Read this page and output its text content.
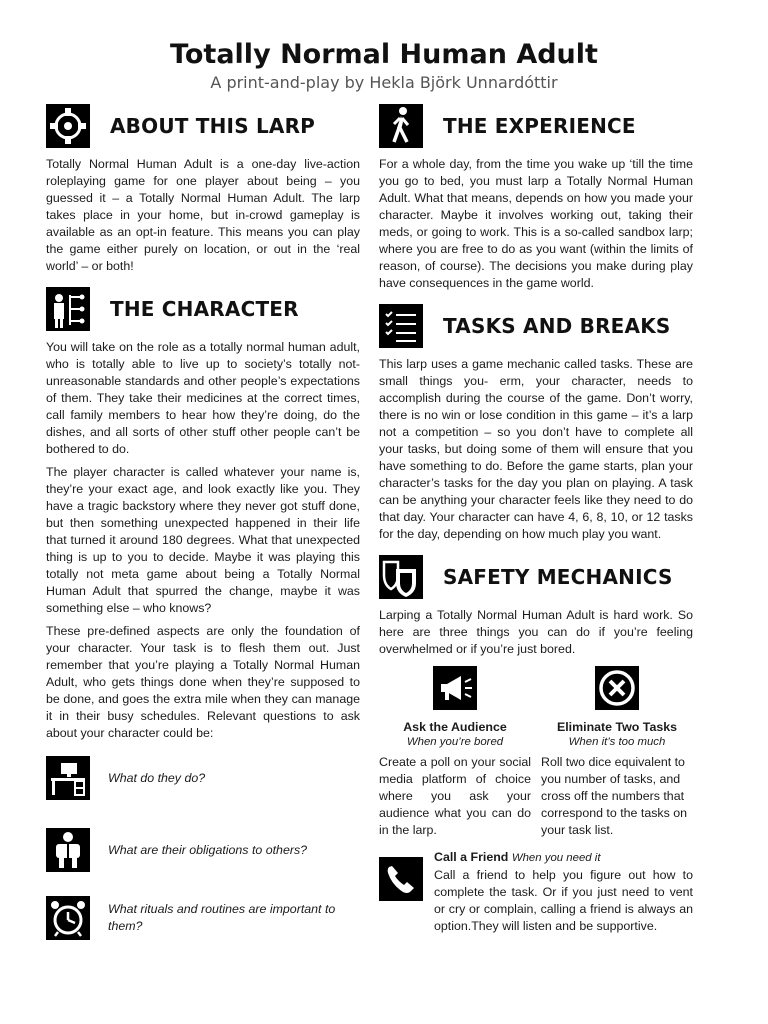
Totally Normal Human Adult
A print-and-play by Hekla Björk Unnardóttir
ABOUT THIS LARP

Totally Normal Human Adult is a one-day live-action roleplaying game for one player about being – you guessed it – a Totally Normal Human Adult. The larp takes place in your home, but in-crowd gameplay is available as an opt-in feature. This means you can play the game either purely on location, or out in the ‘real world’ – or both!

THE CHARACTER

You will take on the role as a totally normal human adult, who is totally able to live up to society’s totally not-unreasonable standards and other people’s expectations of them. They take their medicines at the correct times, call family members to hear how they’re doing, do the dishes, and all sorts of other stuff other people can’t be bothered to do.

The player character is called whatever your name is, they’re your exact age, and look exactly like you. They have a tragic backstory where they never got stuff done, but then something unexpected happened in their life that turned it around 180 degrees. What that unexpected thing is up to you to decide. Maybe it was playing this totally not meta game about being a Totally Normal Human Adult that spurred the change, maybe it was something else – who knows?

These pre-defined aspects are only the foundation of your character. Your task is to flesh them out. Just remember that you’re playing a Totally Normal Human Adult, who gets things done when they’re supposed to be done, and goes the extra mile when they can manage it in their busy schedules. Relevant questions to ask about your character could be:

What do they do?
What are their obligations to others?
What rituals and routines are important to them?
THE EXPERIENCE

For a whole day, from the time you wake up ‘till the time you go to bed, you must larp a Totally Normal Human Adult. What that means, depends on how you made your character. Maybe it involves working out, taking their meds, or going to work. This is a so-called sandbox larp; where you are free to do as you want (within the limits of reason, of course). The decisions you make during play have consequences in the game world.

TASKS AND BREAKS

This larp uses a game mechanic called tasks. These are small things you- erm, your character, needs to accomplish during the course of the game. Don’t worry, there is no win or lose condition in this game – it’s a larp not a competition – so you don’t have to complete all your tasks, but doing some of them will ensure that you have something to do. Before the game starts, plan your character’s tasks for the day you plan on playing. A task can be anything your character feels like they need to do that day. Your character can have 4, 6, 8, 10, or 12 tasks for the day, depending on how much play you want.

SAFETY MECHANICS

Larping a Totally Normal Human Adult is hard work. So here are three things you can do if you’re feeling overwhelmed or if you’re just bored.

Ask the Audience
When you’re bored

Create a poll on your social media platform of choice where you ask your audience what you can do in the larp.

Eliminate Two Tasks
When it’s too much

Roll two dice equivalent to you number of tasks, and cross off the numbers that correspond to the tasks on your task list.

Call a Friend When you need it

Call a friend to help you figure out how to complete the task. Or if you just need to vent or cry or complain, calling a friend is always an option.They will listen and be supportive.
